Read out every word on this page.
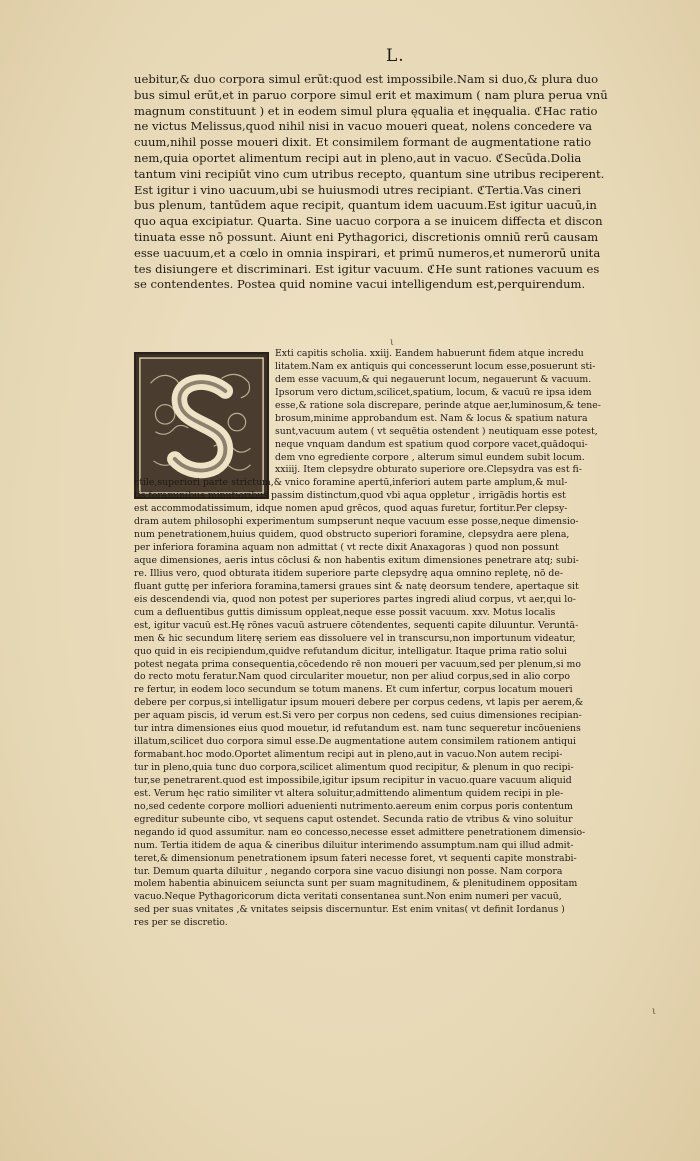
L.
uebitur,& duo corpora simul erūt:quod est impossibile.Nam si duo,& plura duo
bus simul erūt,et in paruo corpore simul erit et maximum ( nam plura perua vnū
magnum constituunt ) et in eodem simul plura ęqualia et inęqualia. ℭHac ratio
ne victus Melissus,quod nihil nisi in vacuo moueri queat, nolens concedere va
cuum,nihil posse moueri dixit. Et consimilem formant de augmentatione ratio
nem,quia oportet alimentum recipi aut in pleno,aut in vacuo. ℭSecūda.Dolia
tantum vini recipiūt vino cum utribus recepto, quantum sine utribus reciperent.
Est igitur i vino uacuum,ubi se huiusmodi utres recipiant. ℭTertia.Vas cineri
bus plenum, tantūdem aque recipit, quantum idem uacuum.Est igitur uacuū,in
quo aqua excipiatur. Quarta. Sine uacuo corpora a se inuicem diffecta et discon
tinuata esse nō possunt. Aiunt eni Pythagorici, discretionis omniū rerū causam
esse uacuum,et a cœlo in omnia inspirari, et primū numeros,et numerorū unita
tes disiungere et discriminari. Est igitur vacuum. ℭHe sunt rationes vacuum es
se contendentes. Postea quid nomine vacui intelligendum est,perquirendum.
ι
Exti capitis scholia. xxiij. Eandem habuerunt fidem atque incredu
litatem.Nam ex antiquis qui concesserunt locum esse,posuerunt sti-
dem esse vacuum,& qui negauerunt locum, negauerunt & vacuum.
Ipsorum vero dictum,scilicet,spatium, locum, & vacuū re ipsa idem
esse,& ratione sola discrepare, perinde atque aer,luminosum,& tene-
brosum,minime approbandum est. Nam & locus & spatium natura
sunt,vacuum autem ( vt sequētia ostendent ) neutiquam esse potest,
neque vnquam dandum est spatium quod corpore vacet,quādoqui-
dem vno egrediente corpore , alterum simul eundem subit locum.
xxiiij. Item clepsydre obturato superiore ore.Clepsydra vas est fi-
ctile,superiori parte strictum,& vnico foramine apertū,inferiori autem parte amplum,& mul-
tis foraminibus minutioribus passim distinctum,quod vbi aqua oppletur , irrigādis hortis est
est accommodatissimum, idque nomen apud grēcos, quod aquas furetur, fortitur.Per clepsy-
dram autem philosophi experimentum sumpserunt neque vacuum esse posse,neque dimensio-
num penetrationem,huius quidem, quod obstructo superiori foramine, clepsydra aere plena,
per inferiora foramina aquam non admittat ( vt recte dixit Anaxagoras ) quod non possunt
aque dimensiones, aeris intus cōclusi & non habentis exitum dimensiones penetrare atq; subi-
re. Illius vero, quod obturata itidem superiore parte clepsydrę aqua omnino repletę, nō de-
fluant guttę per inferiora foramina,tamersi graues sint & natę deorsum tendere, apertaque sit
eis descendendi via, quod non potest per superiores partes ingredi aliud corpus, vt aer,qui lo-
cum a defluentibus guttis dimissum oppleat,neque esse possit vacuum. xxv. Motus localis
est, igitur vacuū est.Hę rōnes vacuū astruere cōtendentes, sequenti capite diluuntur. Veruntā-
men & hic secundum literę seriem eas dissoluere vel in transcursu,non importunum videatur,
quo quid in eis recipiendum,quidve refutandum dicitur, intelligatur. Itaque prima ratio solui
potest negata prima consequentia,cōcedendo rē non moueri per vacuum,sed per plenum,si mo
do recto motu feratur.Nam quod circulariter mouetur, non per aliud corpus,sed in alio corpo
re fertur, in eodem loco secundum se totum manens. Et cum infertur, corpus locatum moueri
debere per corpus,si intelligatur ipsum moueri debere per corpus cedens, vt lapis per aerem,&
per aquam piscis, id verum est.Si vero per corpus non cedens, sed cuius dimensiones recipian-
tur intra dimensiones eius quod mouetur, id refutandum est. nam tunc sequeretur incōueniens
illatum,scilicet duo corpora simul esse.De augmentatione autem consimilem rationem antiqui
formabant.hoc modo.Oportet alimentum recipi aut in pleno,aut in vacuo.Non autem recipi-
tur in pleno,quia tunc duo corpora,scilicet alimentum quod recipitur, & plenum in quo recipi-
tur,se penetrarent.quod est impossibile,igitur ipsum recipitur in vacuo.quare vacuum aliquid
est. Verum hęc ratio similiter vt altera soluitur,admittendo alimentum quidem recipi in ple-
no,sed cedente corpore molliori aduenienti nutrimento.aereum enim corpus poris contentum
egreditur subeunte cibo, vt sequens caput ostendet. Secunda ratio de vtribus & vino soluitur
negando id quod assumitur. nam eo concesso,necesse esset admittere penetrationem dimensio-
num. Tertia itidem de aqua & cineribus diluitur interimendo assumptum.nam qui illud admit-
teret,& dimensionum penetrationem ipsum fateri necesse foret, vt sequenti capite monstrabi-
tur. Demum quarta diluitur , negando corpora sine vacuo disiungi non posse. Nam corpora
molem habentia abinuicem seiuncta sunt per suam magnitudinem, & plenitudinem oppositam
vacuo.Neque Pythagoricorum dicta veritati consentanea sunt.Non enim numeri per vacuū,
sed per suas vnitates ,& vnitates seipsis discernuntur. Est enim vnitas( vt definit Iordanus )
res per se discretio.
ι
